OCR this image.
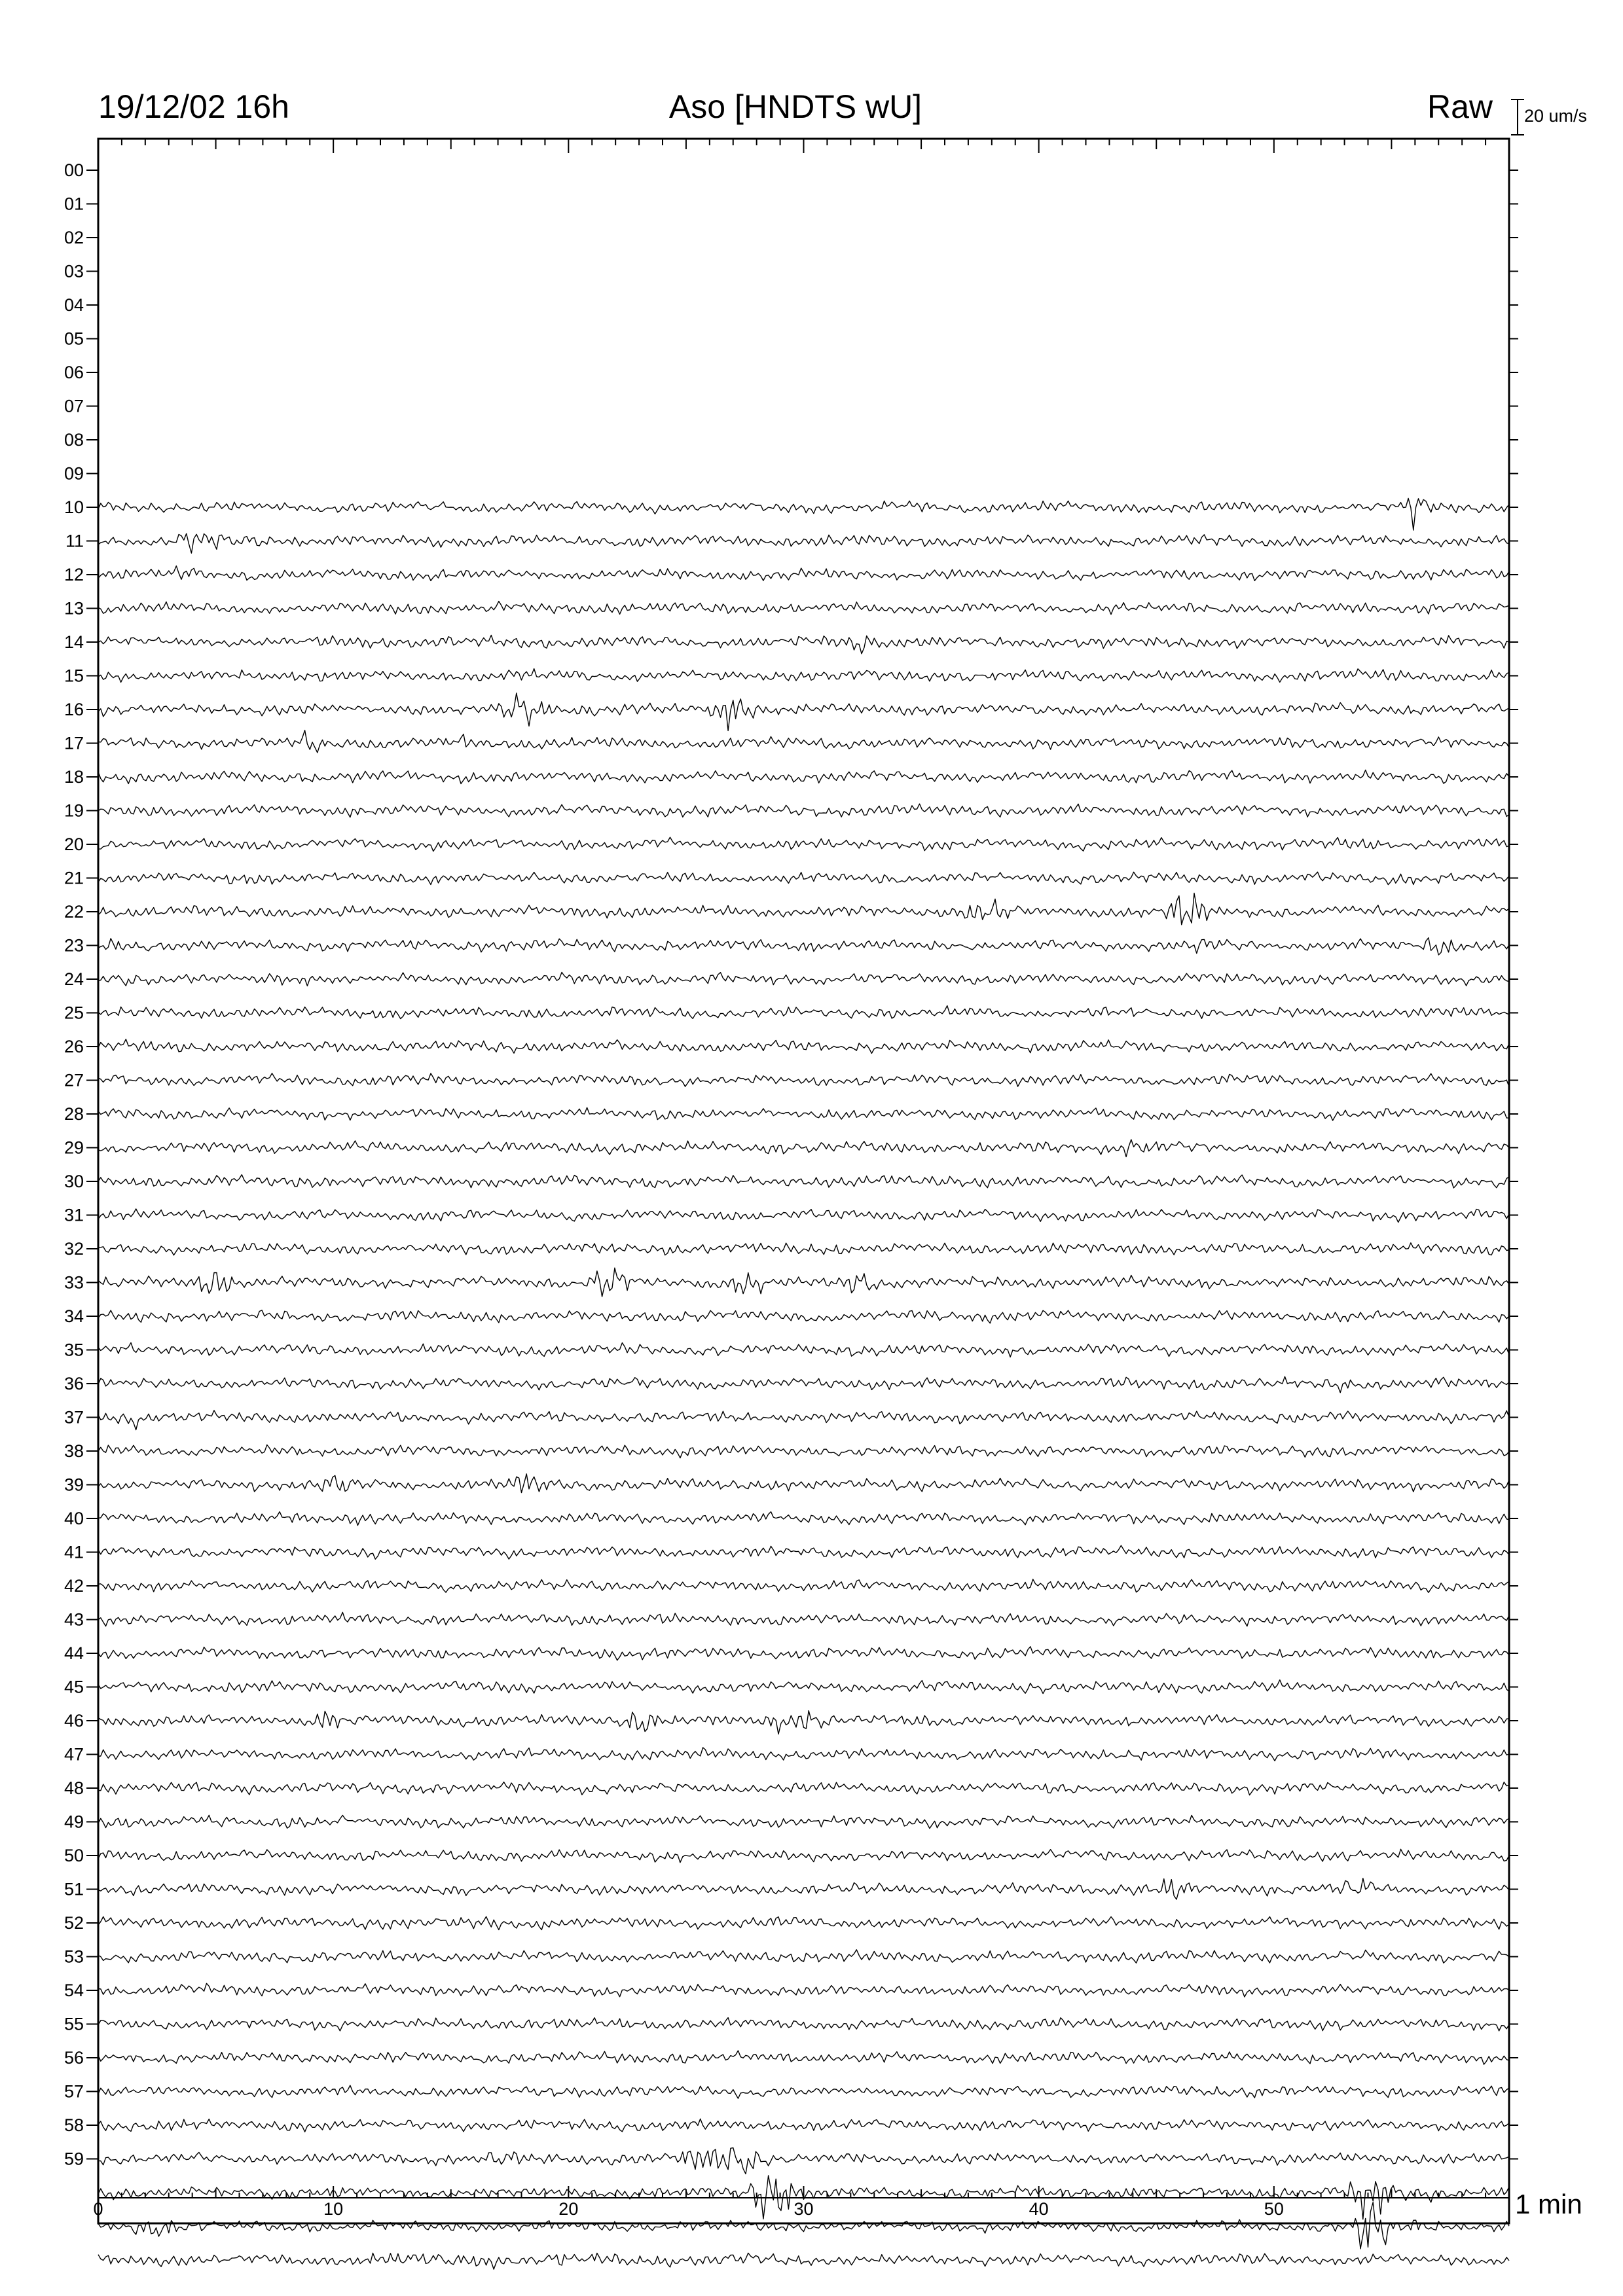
19/12/02 16h	Aso [HNDTS wU]	Raw 20 um/s
1 min
00
01
02
03
04
05
06
07
08
09
10
11
12
13
14
15
16
17
18
19
20
21
22
23
24
25
26
27
28
29
30
31
32
33
34
35
36
37
38
39
40
41
42
43
44
45
46
47
48
49
50
51
52
53
54
55
56
57
58
59
0	10	20	30	40	50
